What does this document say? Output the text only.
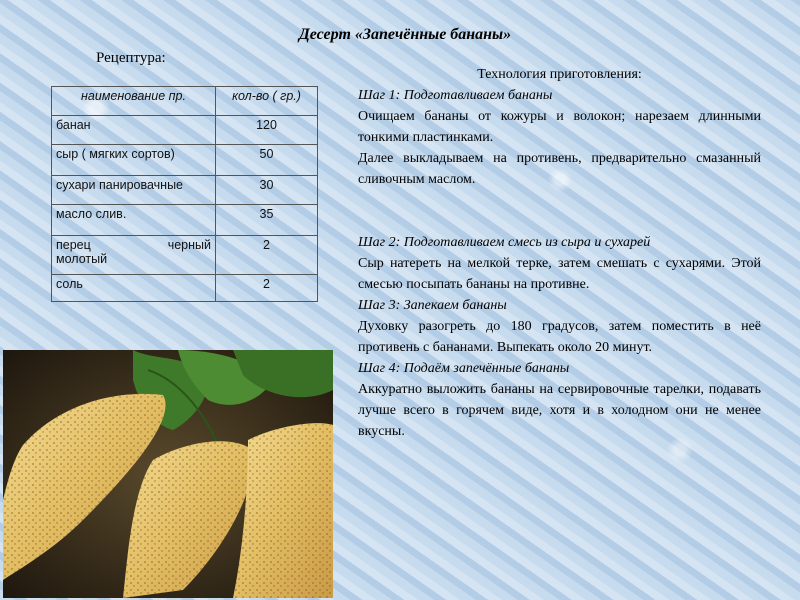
Десерт «Запечённые бананы»
Рецептура:
наименование пр.	кол-во ( гр.)
банан	120
сыр ( мягких сортов)	50
сухари панировачные	30
масло слив.	35

перец черный
молотый	2
соль	2
Технология приготовления:
Шаг 1: Подготавливаем бананы
Очищаем бананы от кожуры и волокон; нарезаем длинными тонкими пластинками.
Далее выкладываем на противень, предварительно смазанный сливочным маслом.
Шаг 2: Подготавливаем смесь из сыра и сухарей
Сыр натереть на мелкой терке, затем смешать с сухарями. Этой смесью посыпать бананы на противне.
Шаг 3: Запекаем бананы
Духовку разогреть до 180 градусов, затем поместить в неё противень с бананами. Выпекать около 20 минут.
Шаг 4: Подаём запечённые бананы
Аккуратно выложить бананы на сервировочные тарелки, подавать лучше всего в горячем виде, хотя и в холодном они не менее вкусны.
